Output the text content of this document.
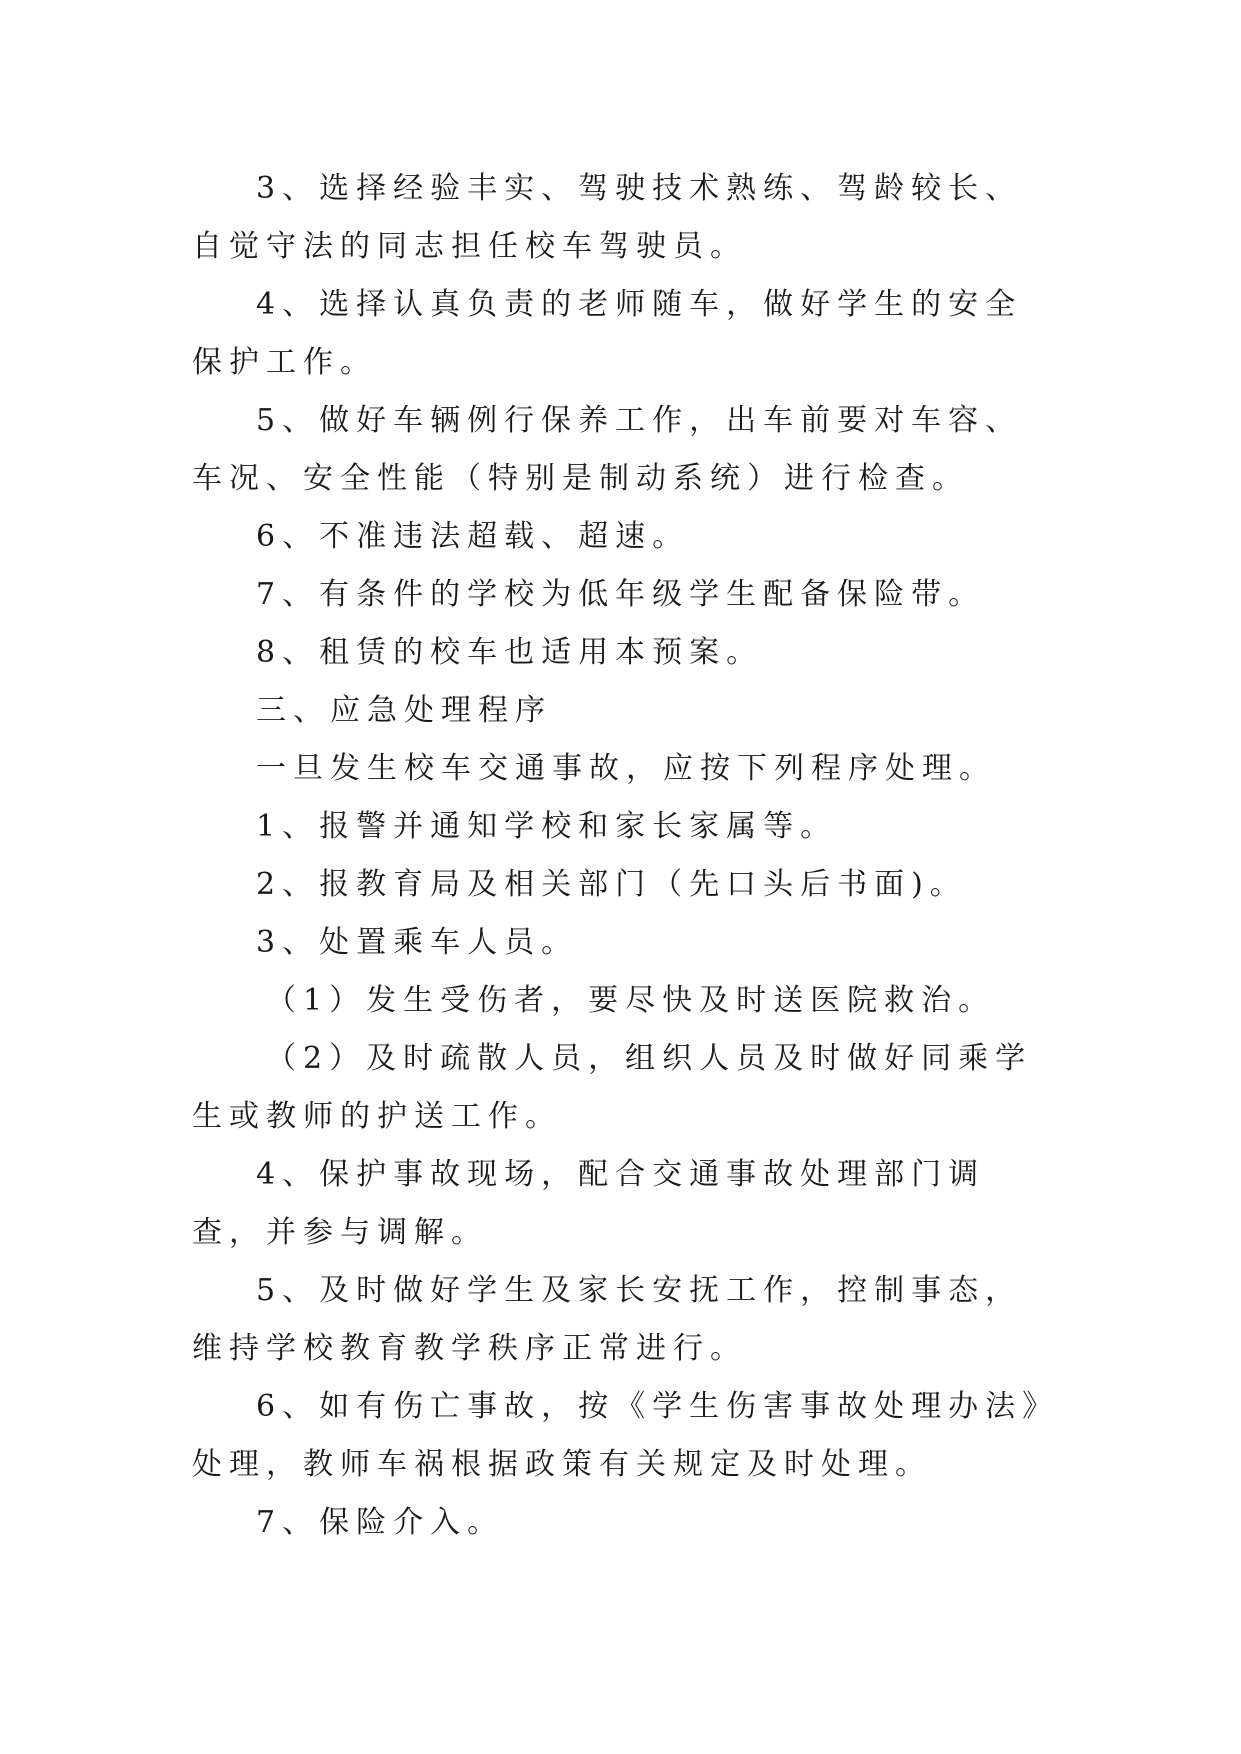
3、选择经验丰实、驾驶技术熟练、驾龄较长、自觉守法的同志担任校车驾驶员。

4、选择认真负责的老师随车，做好学生的安全保护工作。

5、做好车辆例行保养工作，出车前要对车容、车况、安全性能（特别是制动系统）进行检查。

6、不准违法超载、超速。

7、有条件的学校为低年级学生配备保险带。

8、租赁的校车也适用本预案。

三、应急处理程序

一旦发生校车交通事故，应按下列程序处理。

1、报警并通知学校和家长家属等。

2、报教育局及相关部门（先口头后书面)。

3、处置乘车人员。

（1）发生受伤者，要尽快及时送医院救治。

（2）及时疏散人员，组织人员及时做好同乘学生或教师的护送工作。

4、保护事故现场，配合交通事故处理部门调查，并参与调解。

5、及时做好学生及家长安抚工作，控制事态，维持学校教育教学秩序正常进行。

6、如有伤亡事故，按《学生伤害事故处理办法》处理，教师车祸根据政策有关规定及时处理。

7、保险介入。
